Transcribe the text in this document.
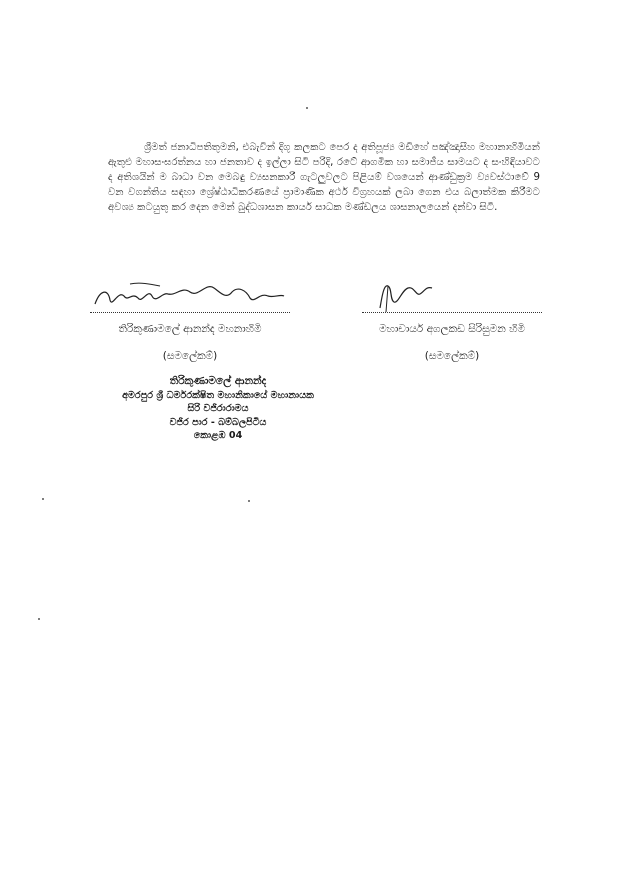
ශ්‍රීමත් ජනාධිපතිතුමනි, එබැවින් දිගු කලකට පෙර ද අතිපූජ්‍ය මඩිහේ පඤ්ඤාසීහ මහානාහිමියන් ඇතුළු මහාසංඝරත්නය හා ජනතාව ද ඉල්ලා සිටි පරිදි, රටේ ආගමික හා සමාජීය සාමයට ද සංහිඳියාවට ද අතිශයින් ම බාධා වන මෙබඳු ව්‍යසනකාරී ගැටලුවලට පිළියම් වශයෙන් ආණ්ඩුක්‍රම ව්‍යවස්ථාවේ 9 වන වගන්තිය සඳහා ශ්‍රේෂ්ඨාධිකරණයේ ප්‍රාමාණික අර්ථ විග්‍රහයක් ලබා ගෙන එය බලාත්මක කිරීමට අවශ්‍ය කටයුතු කර දෙන මෙන් බුද්ධශාසන කාර්ය සාධක මණ්ඩලය ශාසනාලයෙන් දන්වා සිටී.

තිරිකුණාමලේ ආනන්ද මහනාහිමි
(සමලේකම්)
මහාචාර්ය අගලකඩ සිරිසුමන හිමි
(සමලේකම්)
තිරිකුණාමලේ ආනන්ද
අමරපුර ශ්‍රී ධර්මරක්ෂිත මහානිකායේ මහානායක
සිරි වජිරාරාමය
වජිර පාර - බම්බලපිටිය
කොළඹ 04
